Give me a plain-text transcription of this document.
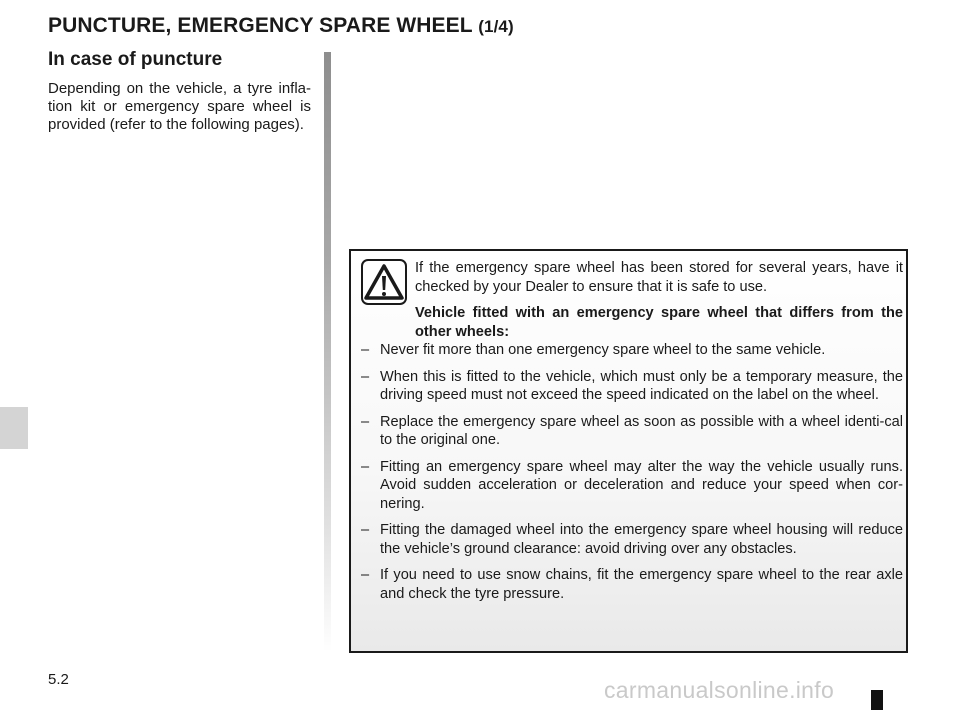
PUNCTURE, EMERGENCY SPARE WHEEL (1/4)
In case of puncture
Depending on the vehicle, a tyre infla-tion kit or emergency spare wheel is provided (refer to the following pages).

If the emergency spare wheel has been stored for several years, have it checked by your Dealer to ensure that it is safe to use.

Vehicle fitted with an emergency spare wheel that differs from the other wheels:

– Never fit more than one emergency spare wheel to the same vehicle.
– When this is fitted to the vehicle, which must only be a temporary measure, the driving speed must not exceed the speed indicated on the label on the wheel.
– Replace the emergency spare wheel as soon as possible with a wheel identi-cal to the original one.
– Fitting an emergency spare wheel may alter the way the vehicle usually runs. Avoid sudden acceleration or deceleration and reduce your speed when cor-nering.
– Fitting the damaged wheel into the emergency spare wheel housing will reduce the vehicle’s ground clearance: avoid driving over any obstacles.
– If you need to use snow chains, fit the emergency spare wheel to the rear axle and check the tyre pressure.
5.2	carmanualsonline.info
